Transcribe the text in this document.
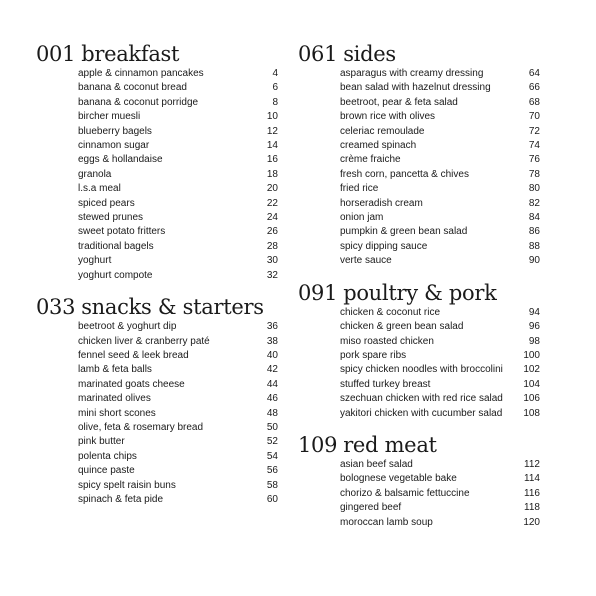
001 breakfast
apple & cinnamon pancakes	4
banana & coconut bread	6
banana & coconut porridge	8
bircher muesli	10
blueberry bagels	12
cinnamon sugar	14
eggs & hollandaise	16
granola	18
l.s.a meal	20
spiced pears	22
stewed prunes	24
sweet potato fritters	26
traditional bagels	28
yoghurt	30
yoghurt compote	32
033 snacks & starters
beetroot & yoghurt dip	36
chicken liver & cranberry paté	38
fennel seed & leek bread	40
lamb & feta balls	42
marinated goats cheese	44
marinated olives	46
mini short scones	48
olive, feta & rosemary bread	50
pink butter	52
polenta chips	54
quince paste	56
spicy spelt raisin buns	58
spinach & feta pide	60
061 sides
asparagus with creamy dressing	64
bean salad with hazelnut dressing	66
beetroot, pear & feta salad	68
brown rice with olives	70
celeriac remoulade	72
creamed spinach	74
crème fraiche	76
fresh corn, pancetta & chives	78
fried rice	80
horseradish cream	82
onion jam	84
pumpkin & green bean salad	86
spicy dipping sauce	88
verte sauce	90
091 poultry & pork
chicken & coconut rice	94
chicken & green bean salad	96
miso roasted chicken	98
pork spare ribs	100
spicy chicken noodles with broccolini	102
stuffed turkey breast	104
szechuan chicken with red rice salad	106
yakitori chicken with cucumber salad	108
109 red meat
asian beef salad	112
bolognese vegetable bake	114
chorizo & balsamic fettuccine	116
gingered beef	118
moroccan lamb soup	120
